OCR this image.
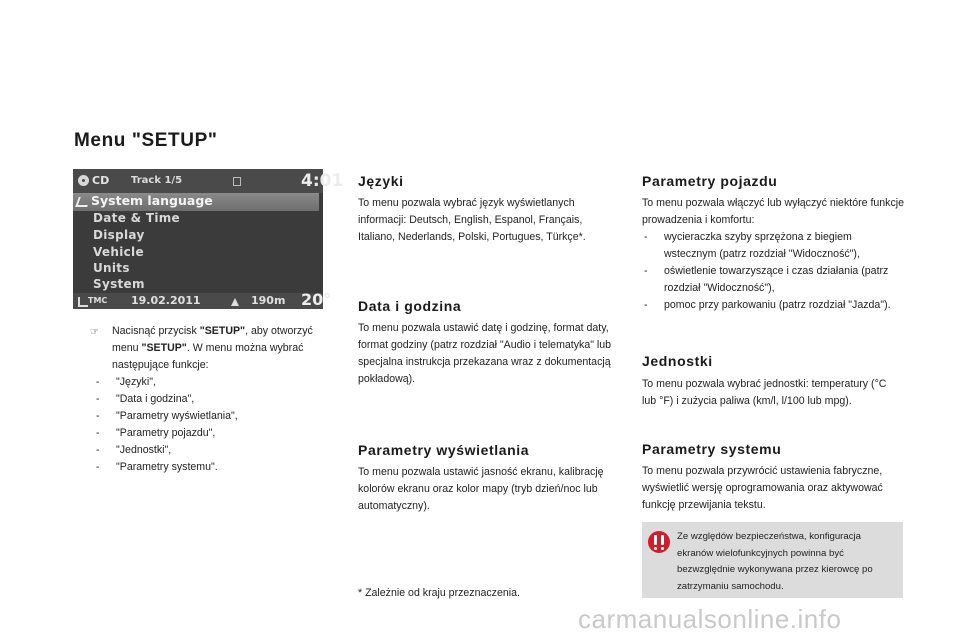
Menu "SETUP"
CD Track 1/5	4:01
System language
Date & Time
Display
Vehicle
Units
System
TMC 19.02.2011	190m 20°
☞ Nacisnąć przycisk "SETUP", aby otworzyć menu "SETUP". W menu można wybrać następujące funkcje:

- "Języki",
- "Data i godzina",
- "Parametry wyświetlania",
- "Parametry pojazdu",
- "Jednostki",
- "Parametry systemu".
Języki

To menu pozwala wybrać język wyświetlanych informacji: Deutsch, English, Espanol, Français, Italiano, Nederlands, Polski, Portugues, Türkçe*.

Data i godzina

To menu pozwala ustawić datę i godzinę, format daty, format godziny (patrz rozdział "Audio i telematyka" lub specjalna instrukcja przekazana wraz z dokumentacją pokładową).

Parametry wyświetlania

To menu pozwala ustawić jasność ekranu, kalibrację kolorów ekranu oraz kolor mapy (tryb dzień/noc lub automatyczny).

* Zależnie od kraju przeznaczenia.
Parametry pojazdu

To menu pozwala włączyć lub wyłączyć niektóre funkcje prowadzenia i komfortu:

- wycieraczka szyby sprzężona z biegiem wstecznym (patrz rozdział "Widoczność"),
- oświetlenie towarzyszące i czas działania (patrz rozdział "Widoczność"),
- pomoc przy parkowaniu (patrz rozdział "Jazda").
Jednostki

To menu pozwala wybrać jednostki: temperatury (°C lub °F) i zużycia paliwa (km/l, l/100 lub mpg).

Parametry systemu

To menu pozwala przywrócić ustawienia fabryczne, wyświetlić wersję oprogramowania oraz aktywować funkcję przewijania tekstu.

Ze względów bezpieczeństwa, konfiguracja ekranów wielofunkcyjnych powinna być bezwzględnie wykonywana przez kierowcę po zatrzymaniu samochodu.

carmanualsonline.info
